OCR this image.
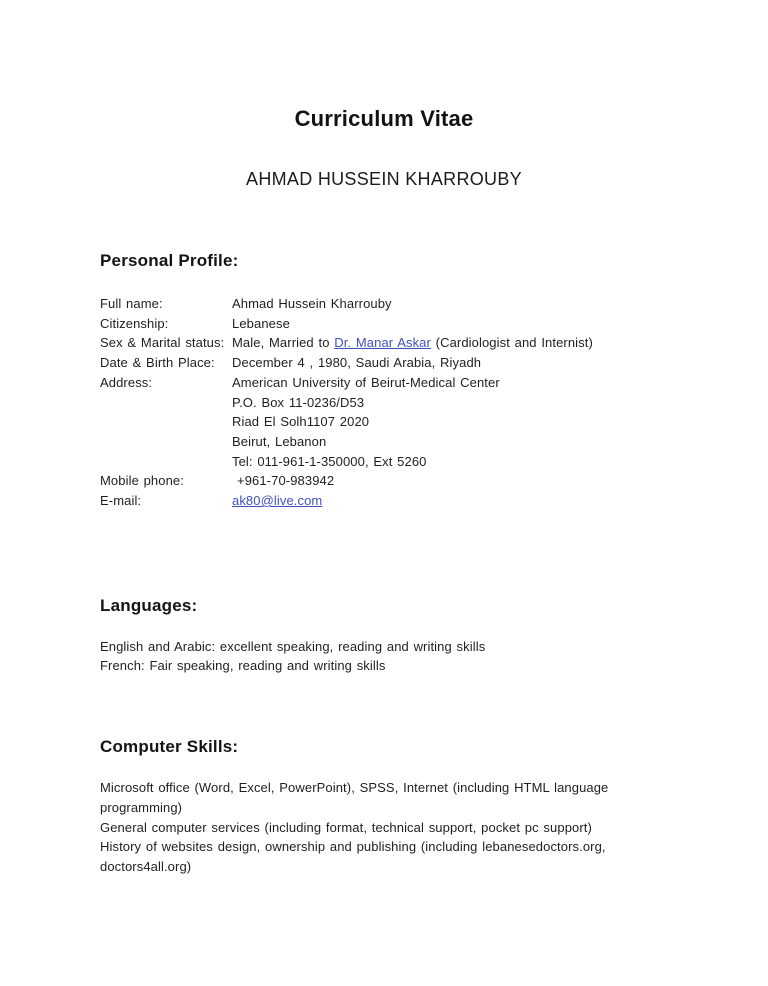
Curriculum Vitae
AHMAD HUSSEIN KHARROUBY
Personal Profile:
Full name:	Ahmad Hussein Kharrouby
Citizenship:	Lebanese
Sex & Marital status: Male, Married to Dr. Manar Askar (Cardiologist and Internist)
Date & Birth Place:	December 4 , 1980, Saudi Arabia, Riyadh
Address:	American University of Beirut-Medical Center
P.O. Box 11-0236/D53
Riad El Solh1107 2020
Beirut, Lebanon
Tel: 011-961-1-350000, Ext 5260
Mobile phone:	+961-70-983942
E-mail:	ak80@live.com
Languages:
English and Arabic: excellent speaking, reading and writing skills
French: Fair speaking, reading and writing skills
Computer Skills:
Microsoft office (Word, Excel, PowerPoint), SPSS, Internet (including HTML language
programming)
General computer services (including format, technical support, pocket pc support)
History of websites design, ownership and publishing (including lebanesedoctors.org,
doctors4all.org)
